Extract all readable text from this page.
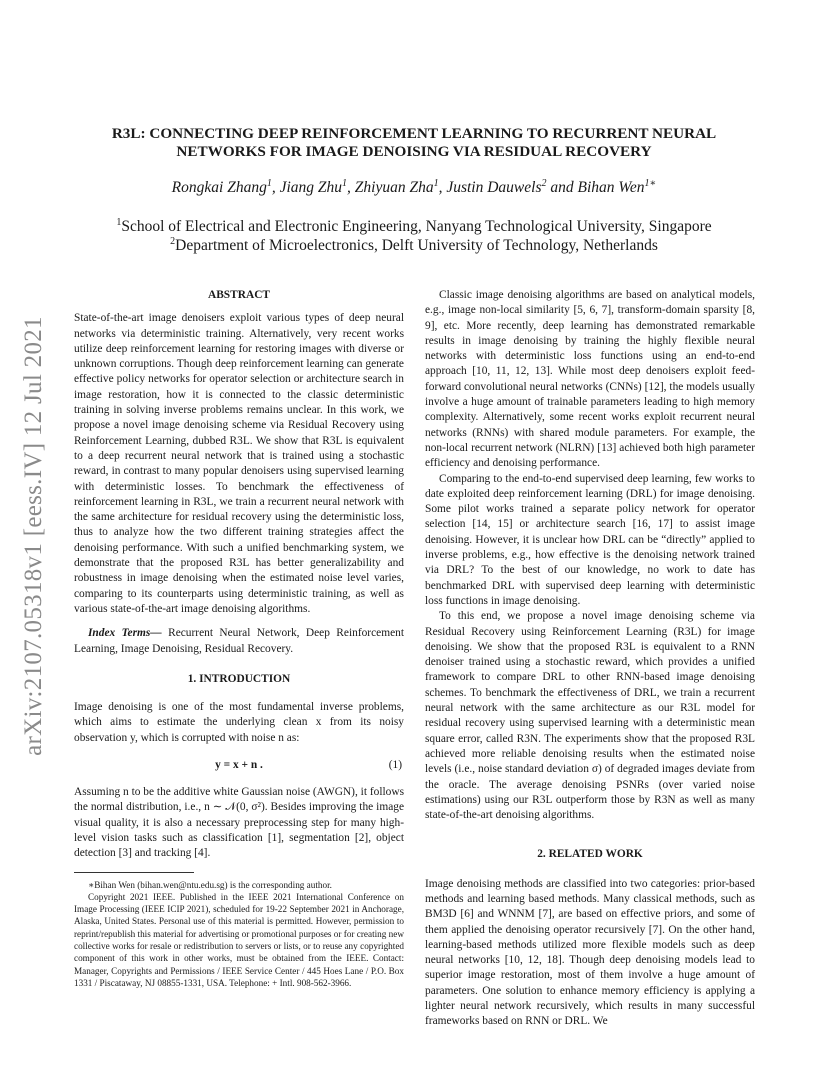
arXiv:2107.05318v1 [eess.IV] 12 Jul 2021
R3L: CONNECTING DEEP REINFORCEMENT LEARNING TO RECURRENT NEURAL NETWORKS FOR IMAGE DENOISING VIA RESIDUAL RECOVERY
Rongkai Zhang$^1$, Jiang Zhu$^1$, Zhiyuan Zha$^1$, Justin Dauwels$^2$ and Bihan Wen$^{1∗}$
$^1$School of Electrical and Electronic Engineering, Nanyang Technological University, Singapore
$^2$Department of Microelectronics, Delft University of Technology, Netherlands
ABSTRACT

State-of-the-art image denoisers exploit various types of deep neural networks via deterministic training. Alternatively, very recent works utilize deep reinforcement learning for restoring images with diverse or unknown corruptions. Though deep reinforcement learning can generate effective policy networks for operator selection or architecture search in image restoration, how it is connected to the classic deterministic training in solving inverse problems remains unclear. In this work, we propose a novel image denoising scheme via Residual Recovery using Reinforcement Learning, dubbed R3L. We show that R3L is equivalent to a deep recurrent neural network that is trained using a stochastic reward, in contrast to many popular denoisers using supervised learning with deterministic losses. To benchmark the effectiveness of reinforcement learning in R3L, we train a recurrent neural network with the same architecture for residual recovery using the deterministic loss, thus to analyze how the two different training strategies affect the denoising performance. With such a unified benchmarking system, we demonstrate that the proposed R3L has better generalizability and robustness in image denoising when the estimated noise level varies, comparing to its counterparts using deterministic training, as well as various state-of-the-art image denoising algorithms.

Index Terms— Recurrent Neural Network, Deep Reinforcement Learning, Image Denoising, Residual Recovery.

1. INTRODUCTION

Image denoising is one of the most fundamental inverse problems, which aims to estimate the underlying clean x from its noisy observation y, which is corrupted with noise n as:

y = x + n .	(1)

Assuming n to be the additive white Gaussian noise (AWGN), it follows the normal distribution, i.e., n ∼ 𝒩(0, σ²). Besides improving the image visual quality, it is also a necessary preprocessing step for many high-level vision tasks such as classification [1], segmentation [2], object detection [3] and tracking [4].

∗Bihan Wen (bihan.wen@ntu.edu.sg) is the corresponding author.

Copyright 2021 IEEE. Published in the IEEE 2021 International Conference on Image Processing (IEEE ICIP 2021), scheduled for 19-22 September 2021 in Anchorage, Alaska, United States. Personal use of this material is permitted. However, permission to reprint/republish this material for advertising or promotional purposes or for creating new collective works for resale or redistribution to servers or lists, or to reuse any copyrighted component of this work in other works, must be obtained from the IEEE. Contact: Manager, Copyrights and Permissions / IEEE Service Center / 445 Hoes Lane / P.O. Box 1331 / Piscataway, NJ 08855-1331, USA. Telephone: + Intl. 908-562-3966.

Classic image denoising algorithms are based on analytical models, e.g., image non-local similarity [5, 6, 7], transform-domain sparsity [8, 9], etc. More recently, deep learning has demonstrated remarkable results in image denoising by training the highly flexible neural networks with deterministic loss functions using an end-to-end approach [10, 11, 12, 13]. While most deep denoisers exploit feed-forward convolutional neural networks (CNNs) [12], the models usually involve a huge amount of trainable parameters leading to high memory complexity. Alternatively, some recent works exploit recurrent neural networks (RNNs) with shared module parameters. For example, the non-local recurrent network (NLRN) [13] achieved both high parameter efficiency and denoising performance.

Comparing to the end-to-end supervised deep learning, few works to date exploited deep reinforcement learning (DRL) for image denoising. Some pilot works trained a separate policy network for operator selection [14, 15] or architecture search [16, 17] to assist image denoising. However, it is unclear how DRL can be “directly” applied to inverse problems, e.g., how effective is the denoising network trained via DRL? To the best of our knowledge, no work to date has benchmarked DRL with supervised deep learning with deterministic loss functions in image denoising.

To this end, we propose a novel image denoising scheme via Residual Recovery using Reinforcement Learning (R3L) for image denoising. We show that the proposed R3L is equivalent to a RNN denoiser trained using a stochastic reward, which provides a unified framework to compare DRL to other RNN-based image denoising schemes. To benchmark the effectiveness of DRL, we train a recurrent neural network with the same architecture as our R3L model for residual recovery using supervised learning with a deterministic mean square error, called R3N. The experiments show that the proposed R3L achieved more reliable denoising results when the estimated noise levels (i.e., noise standard deviation σ) of degraded images deviate from the oracle. The average denoising PSNRs (over varied noise estimations) using our R3L outperform those by R3N as well as many state-of-the-art denoising algorithms.

2. RELATED WORK

Image denoising methods are classified into two categories: prior-based methods and learning based methods. Many classical methods, such as BM3D [6] and WNNM [7], are based on effective priors, and some of them applied the denoising operator recursively [7]. On the other hand, learning-based methods utilized more flexible models such as deep neural networks [10, 12, 18]. Though deep denoising models lead to superior image restoration, most of them involve a huge amount of parameters. One solution to enhance memory efficiency is applying a lighter neural network recursively, which results in many successful frameworks based on RNN or DRL. We
